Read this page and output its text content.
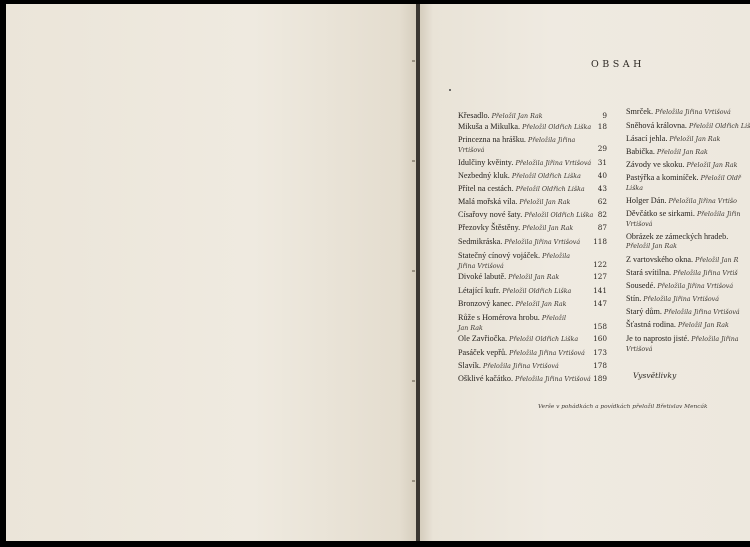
OBSAH
Křesadlo. Přeložil Jan Rak	9
Mikuša a Mikulka. Přeložil Oldřich Liška 18
Princezna na hrášku. Přeložila Jiřina
Vrtišová	29
Idulčiny kvěinty. Přeložila Jiřina Vrtišová 31
Nezbedný kluk. Přeložil Oldřich Liška	40
Přítel na cestách. Přeložil Oldřich Liška	43
Malá mořská víla. Přeložil Jan Rak	62
Císařovy nové šaty. Přeložil Oldřich Liška 82
Přezovky Štěstěny. Přeložil Jan Rak	87
Sedmikráska. Přeložila Jiřina Vrtišová	118
Statečný cínový vojáček. Přeložila
Jiřina Vrtišová	122
Divoké labutě. Přeložil Jan Rak	127
Létající kufr. Přeložil Oldřich Liška	141
Bronzový kanec. Přeložil Jan Rak	147
Růže s Homérova hrobu. Přeložil
Jan Rak	158
Ole Zavřiočka. Přeložil Oldřich Liška	160
Pasáček vepřů. Přeložila Jiřina Vrtišová	173
Slavík. Přeložila Jiřina Vrtišová	178
Ošklivé kačátko. Přeložila Jiřina Vrtišová 189
Smrček. Přeložila Jiřina Vrtišová
Sněhová královna. Přeložil Oldřich Liš
Lásací jehla. Přeložil Jan Rak
Babička. Přeložil Jan Rak
Závody ve skoku. Přeložil Jan Rak
Pastýřka a kominíček. Přeložil Oldř
Liška
Holger Dán. Přeložila Jiřina Vrtišo
Děvčátko se sirkami. Přeložila Jiřin
Vrtišová
Obrázek ze zámeckých hradeb.
Přeložil Jan Rak
Z vartovského okna. Přeložil Jan R
Stará svítilna. Přeložila Jiřina Vrtiš
Sousedé. Přeložila Jiřina Vrtišová
Stín. Přeložila Jiřina Vrtišová
Starý dům. Přeložila Jiřina Vrtišová
Šťastná rodina. Přeložil Jan Rak
Je to naprosto jisté. Přeložila Jiřina
Vrtišová
Vysvětlivky
Verše v pohádkách a povídkách přeložil Břetislav Mencák
